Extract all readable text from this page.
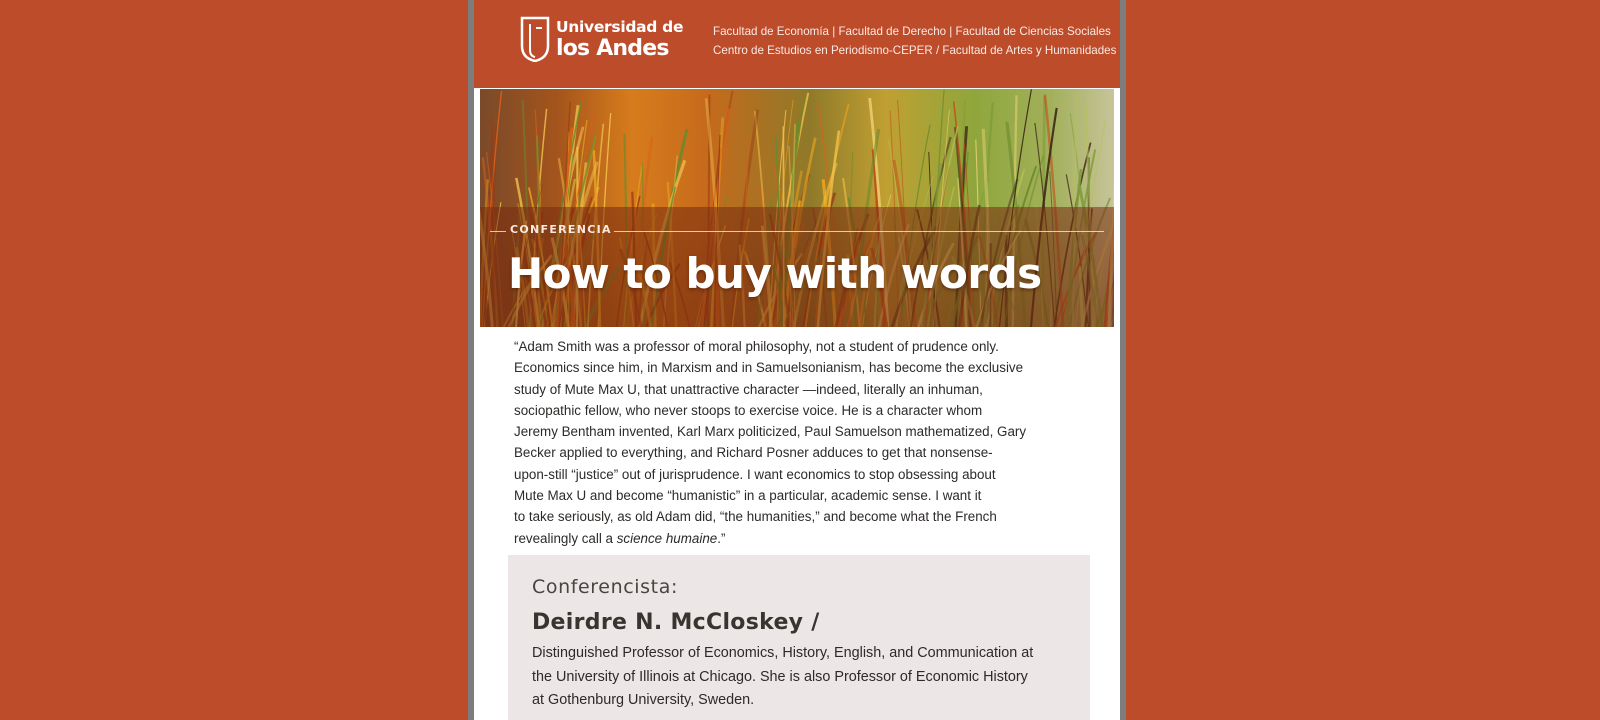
Universidad de
los Andes
Facultad de Economía | Facultad de Derecho | Facultad de Ciencias Sociales
Centro de Estudios en Periodismo-CEPER / Facultad de Artes y Humanidades
CONFERENCIA
How to buy with words
“Adam Smith was a professor of moral philosophy, not a student of prudence only.
Economics since him, in Marxism and in Samuelsonianism, has become the exclusive
study of Mute Max U, that unattractive character —indeed, literally an inhuman,
sociopathic fellow, who never stoops to exercise voice. He is a character whom
Jeremy Bentham invented, Karl Marx politicized, Paul Samuelson mathematized, Gary
Becker applied to everything, and Richard Posner adduces to get that nonsense-
upon-still “justice” out of jurisprudence. I want economics to stop obsessing about
Mute Max U and become “humanistic” in a particular, academic sense. I want it
to take seriously, as old Adam did, “the humanities,” and become what the French
revealingly call a science humaine.”
Conferencista:
Deirdre N. McCloskey /
Distinguished Professor of Economics, History, English, and Communication at
the University of Illinois at Chicago. She is also Professor of Economic History
at Gothenburg University, Sweden.
